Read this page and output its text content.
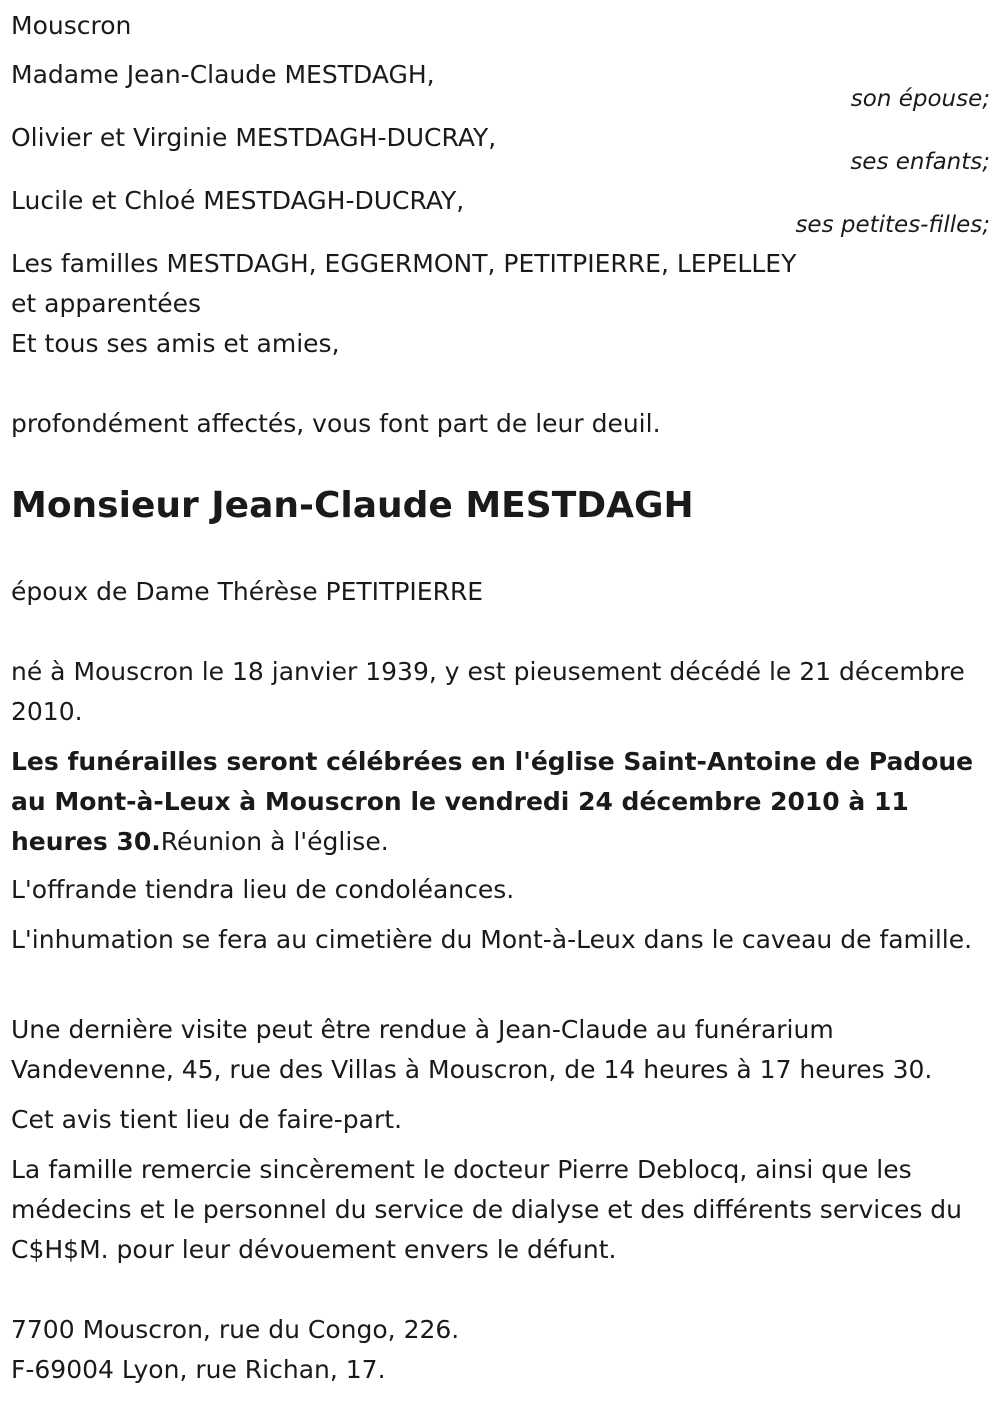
Mouscron
Madame Jean-Claude MESTDAGH,
son épouse;
Olivier et Virginie MESTDAGH-DUCRAY,
ses enfants;
Lucile et Chloé MESTDAGH-DUCRAY,
ses petites-filles;
Les familles MESTDAGH, EGGERMONT, PETITPIERRE, LEPELLEY
et apparentées
Et tous ses amis et amies,
profondément affectés, vous font part de leur deuil.
Monsieur Jean-Claude MESTDAGH
époux de Dame Thérèse PETITPIERRE
né à Mouscron le 18 janvier 1939, y est pieusement décédé le 21 décembre 2010.
Les funérailles seront célébrées en l'église Saint-Antoine de Padoue au Mont-à-Leux à Mouscron le vendredi 24 décembre 2010 à 11 heures 30.Réunion à l'église.
L'offrande tiendra lieu de condoléances.
L'inhumation se fera au cimetière du Mont-à-Leux dans le caveau de famille.
Une dernière visite peut être rendue à Jean-Claude au funérarium Vandevenne, 45, rue des Villas à Mouscron, de 14 heures à 17 heures 30.
Cet avis tient lieu de faire-part.
La famille remercie sincèrement le docteur Pierre Deblocq, ainsi que les médecins et le personnel du service de dialyse et des différents services du C$H$M. pour leur dévouement envers le défunt.
7700 Mouscron, rue du Congo, 226.
F-69004 Lyon, rue Richan, 17.
